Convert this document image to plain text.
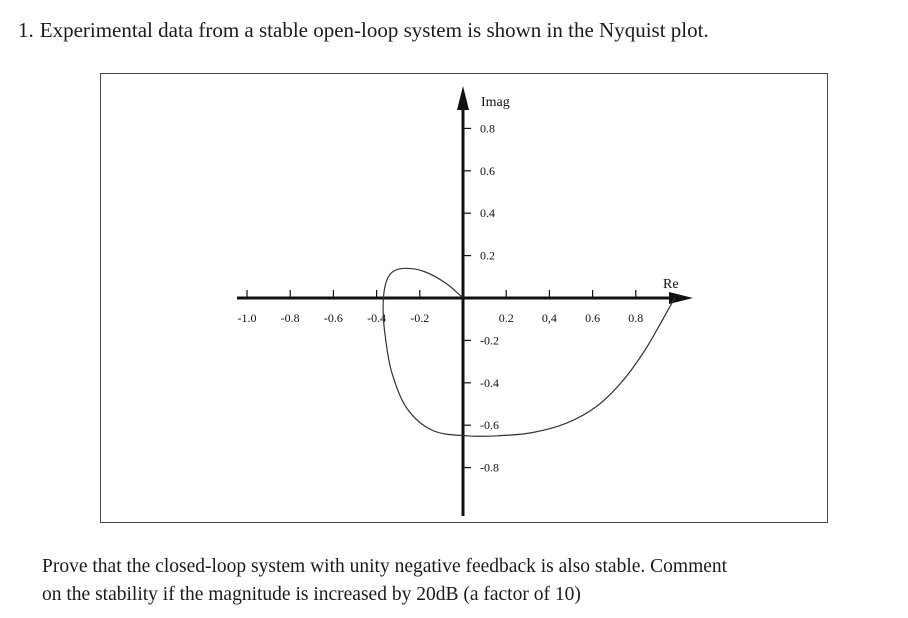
1. Experimental data from a stable open-loop system is shown in the Nyquist plot.
Imag
Re
-1.0 -0.8 -0.6 -0.4 -0.2	0.2 0,4 0.6 0.8
0.8
0.6
0.4
0.2
-0.2
-0.4
-0.6
-0.8
Prove that the closed-loop system with unity negative feedback is also stable. Comment
on the stability if the magnitude is increased by 20dB (a factor of 10)
